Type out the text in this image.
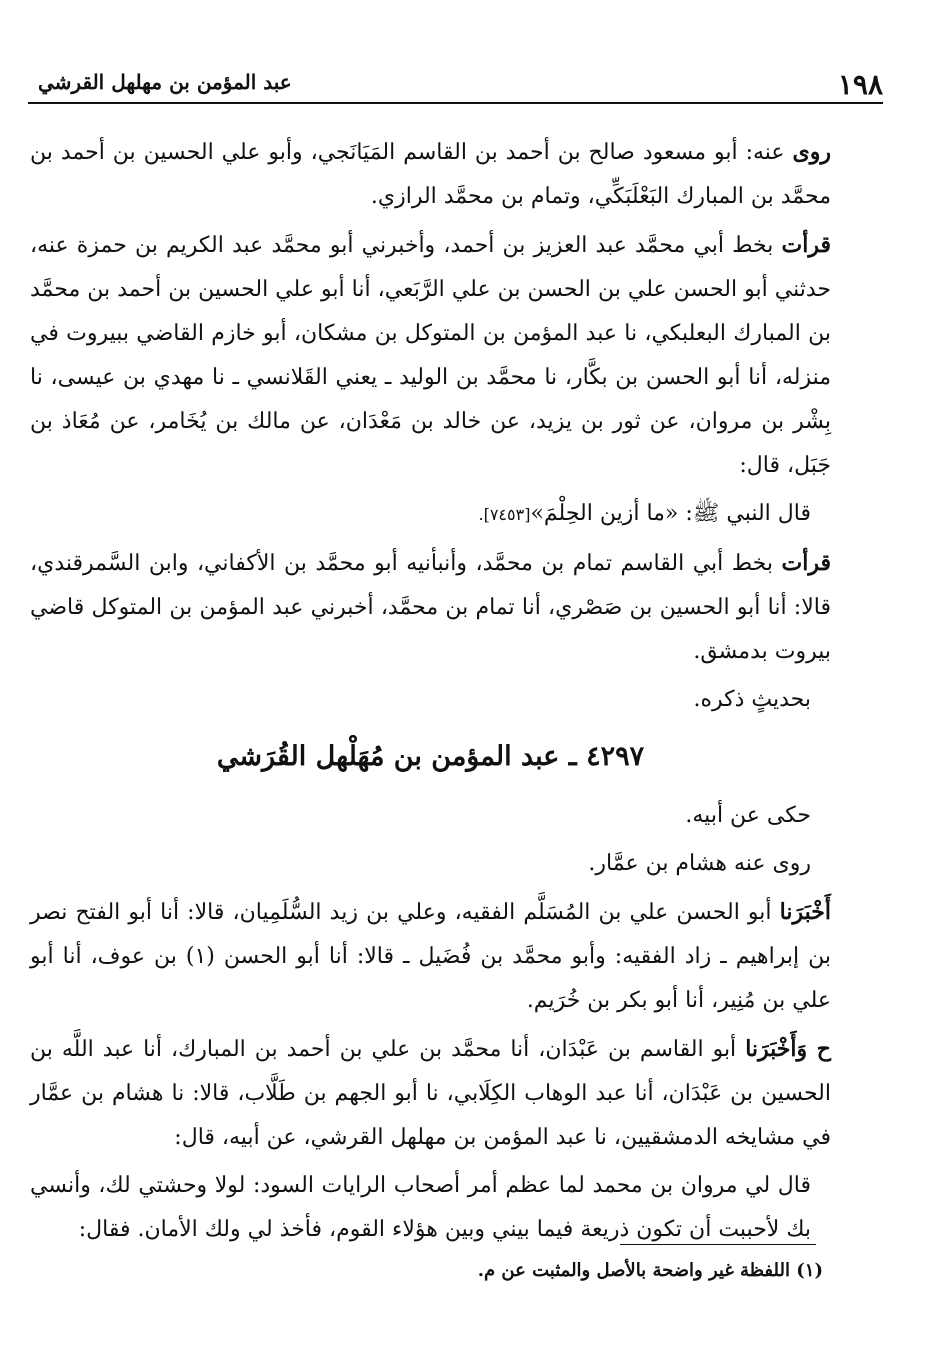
١٩٨
عبد المؤمن بن مهلهل القرشي

روى عنه: أبو مسعود صالح بن أحمد بن القاسم المَيَانَجي، وأبو علي الحسين بن أحمد بن محمَّد بن المبارك البَعْلَبَكِّي، وتمام بن محمَّد الرازي.

قرأت بخط أبي محمَّد عبد العزيز بن أحمد، وأخبرني أبو محمَّد عبد الكريم بن حمزة عنه، حدثني أبو الحسن علي بن الحسن بن علي الرَّبَعي، أنا أبو علي الحسين بن أحمد بن محمَّد بن المبارك البعلبكي، نا عبد المؤمن بن المتوكل بن مشكان، أبو خازم القاضي ببيروت في منزله، أنا أبو الحسن بن بكَّار، نا محمَّد بن الوليد ـ يعني القَلانسي ـ نا مهدي بن عيسى، نا بِشْر بن مروان، عن ثور بن يزيد، عن خالد بن مَعْدَان، عن مالك بن يُخَامر، عن مُعَاذ بن جَبَل، قال:

قال النبي ﷺ: «ما أزين الحِلْمَ»[٧٤٥٣].

قرأت بخط أبي القاسم تمام بن محمَّد، وأنبأنيه أبو محمَّد بن الأكفاني، وابن السَّمرقندي، قالا: أنا أبو الحسين بن صَصْري، أنا تمام بن محمَّد، أخبرني عبد المؤمن بن المتوكل قاضي بيروت بدمشق.

بحديثٍ ذكره.

٤٢٩٧ ـ عبد المؤمن بن مُهَلْهل القُرَشي

حكى عن أبيه.

روى عنه هشام بن عمَّار.

أَخْبَرَنا أبو الحسن علي بن المُسَلَّم الفقيه، وعلي بن زيد السُّلَمِيان، قالا: أنا أبو الفتح نصر بن إبراهيم ـ زاد الفقيه: وأبو محمَّد بن فُضَيل ـ قالا: أنا أبو الحسن (١) بن عوف، أنا أبو علي بن مُنِير، أنا أبو بكر بن خُرَيم.

ح وَأَخْبَرَنا أبو القاسم بن عَبْدَان، أنا محمَّد بن علي بن أحمد بن المبارك، أنا عبد اللَّه بن الحسين بن عَبْدَان، أنا عبد الوهاب الكِلَابي، نا أبو الجهم بن طَلَّاب، قالا: نا هشام بن عمَّار في مشايخه الدمشقيين، نا عبد المؤمن بن مهلهل القرشي، عن أبيه، قال:

قال لي مروان بن محمد لما عظم أمر أصحاب الرايات السود: لولا وحشتي لك، وأنسي بك لأحببت أن تكون ذريعة فيما بيني وبين هؤلاء القوم، فأخذ لي ولك الأمان. فقال:

(١) اللفظة غير واضحة بالأصل والمثبت عن م.
